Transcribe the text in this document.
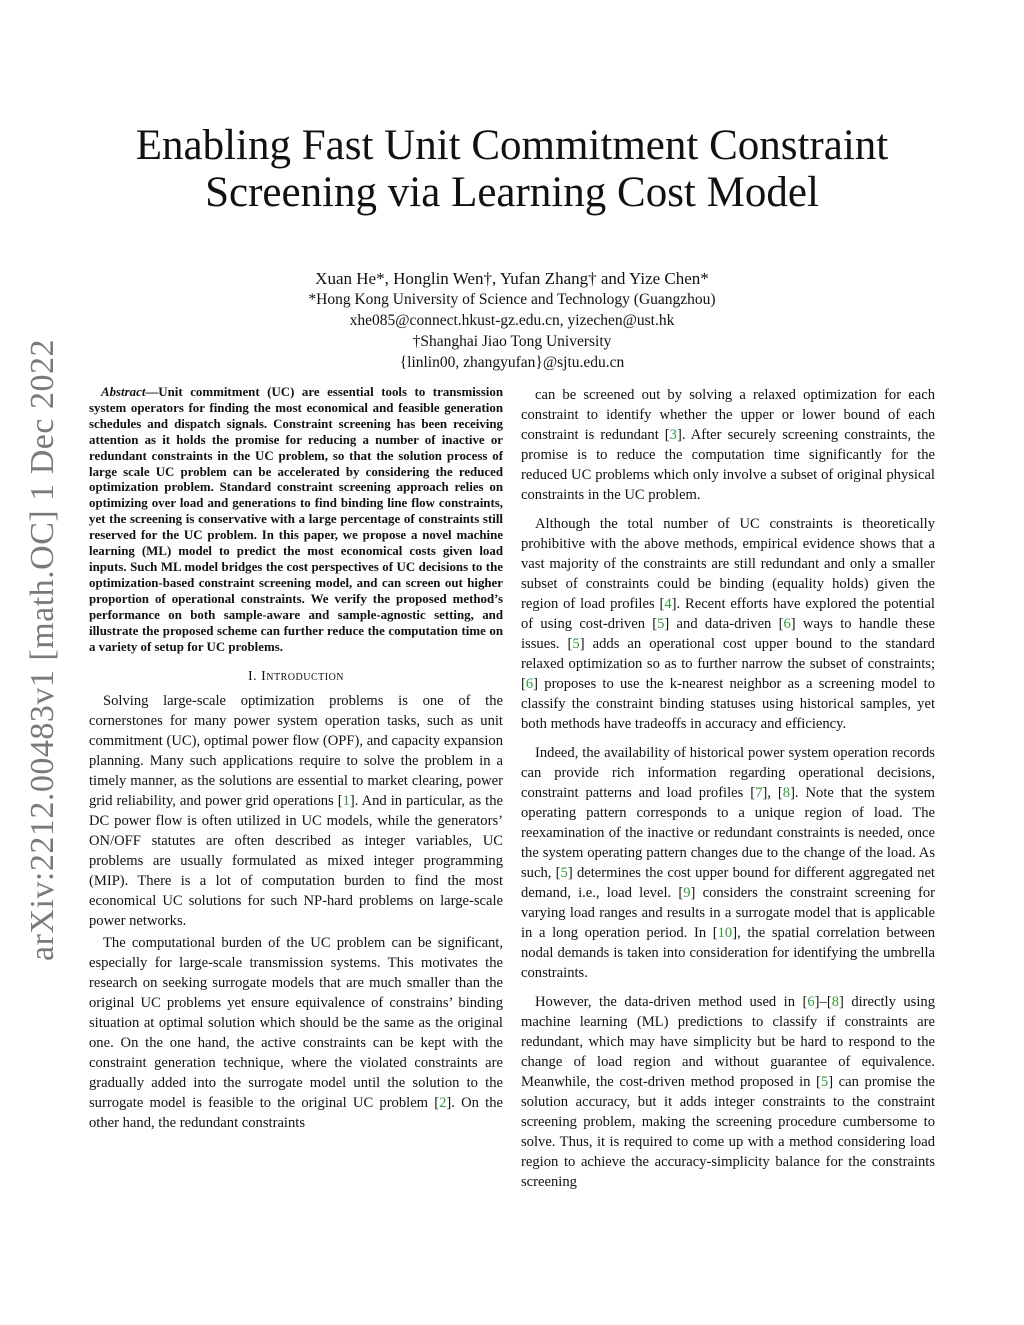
arXiv:2212.00483v1 [math.OC] 1 Dec 2022
Enabling Fast Unit Commitment Constraint
Screening via Learning Cost Model
Xuan He*, Honglin Wen†, Yufan Zhang† and Yize Chen*
*Hong Kong University of Science and Technology (Guangzhou)
xhe085@connect.hkust-gz.edu.cn, yizechen@ust.hk
†Shanghai Jiao Tong University
{linlin00, zhangyufan}@sjtu.edu.cn

Abstract—Unit commitment (UC) are essential tools to transmission system operators for finding the most economical and feasible generation schedules and dispatch signals. Constraint screening has been receiving attention as it holds the promise for reducing a number of inactive or redundant constraints in the UC problem, so that the solution process of large scale UC problem can be accelerated by considering the reduced optimization problem. Standard constraint screening approach relies on optimizing over load and generations to find binding line flow constraints, yet the screening is conservative with a large percentage of constraints still reserved for the UC problem. In this paper, we propose a novel machine learning (ML) model to predict the most economical costs given load inputs. Such ML model bridges the cost perspectives of UC decisions to the optimization-based constraint screening model, and can screen out higher proportion of operational constraints. We verify the proposed method’s performance on both sample-aware and sample-agnostic setting, and illustrate the proposed scheme can further reduce the computation time on a variety of setup for UC problems.

I. Introduction

Solving large-scale optimization problems is one of the cornerstones for many power system operation tasks, such as unit commitment (UC), optimal power flow (OPF), and capacity expansion planning. Many such applications require to solve the problem in a timely manner, as the solutions are essential to market clearing, power grid reliability, and power grid operations [1]. And in particular, as the DC power flow is often utilized in UC models, while the generators’ ON/OFF statutes are often described as integer variables, UC problems are usually formulated as mixed integer programming (MIP). There is a lot of computation burden to find the most economical UC solutions for such NP-hard problems on large-scale power networks.

The computational burden of the UC problem can be significant, especially for large-scale transmission systems. This motivates the research on seeking surrogate models that are much smaller than the original UC problems yet ensure equivalence of constrains’ binding situation at optimal solution which should be the same as the original one. On the one hand, the active constraints can be kept with the constraint generation technique, where the violated constraints are gradually added into the surrogate model until the solution to the surrogate model is feasible to the original UC problem [2]. On the other hand, the redundant constraints

can be screened out by solving a relaxed optimization for each constraint to identify whether the upper or lower bound of each constraint is redundant [3]. After securely screening constraints, the promise is to reduce the computation time significantly for the reduced UC problems which only involve a subset of original physical constraints in the UC problem.

Although the total number of UC constraints is theoretically prohibitive with the above methods, empirical evidence shows that a vast majority of the constraints are still redundant and only a smaller subset of constraints could be binding (equality holds) given the region of load profiles [4]. Recent efforts have explored the potential of using cost-driven [5] and data-driven [6] ways to handle these issues. [5] adds an operational cost upper bound to the standard relaxed optimization so as to further narrow the subset of constraints; [6] proposes to use the k-nearest neighbor as a screening model to classify the constraint binding statuses using historical samples, yet both methods have tradeoffs in accuracy and efficiency.

Indeed, the availability of historical power system operation records can provide rich information regarding operational decisions, constraint patterns and load profiles [7], [8]. Note that the system operating pattern corresponds to a unique region of load. The reexamination of the inactive or redundant constraints is needed, once the system operating pattern changes due to the change of the load. As such, [5] determines the cost upper bound for different aggregated net demand, i.e., load level. [9] considers the constraint screening for varying load ranges and results in a surrogate model that is applicable in a long operation period. In [10], the spatial correlation between nodal demands is taken into consideration for identifying the umbrella constraints.

However, the data-driven method used in [6]–[8] directly using machine learning (ML) predictions to classify if constraints are redundant, which may have simplicity but be hard to respond to the change of load region and without guarantee of equivalence. Meanwhile, the cost-driven method proposed in [5] can promise the solution accuracy, but it adds integer constraints to the constraint screening problem, making the screening procedure cumbersome to solve. Thus, it is required to come up with a method considering load region to achieve the accuracy-simplicity balance for the constraints screening
